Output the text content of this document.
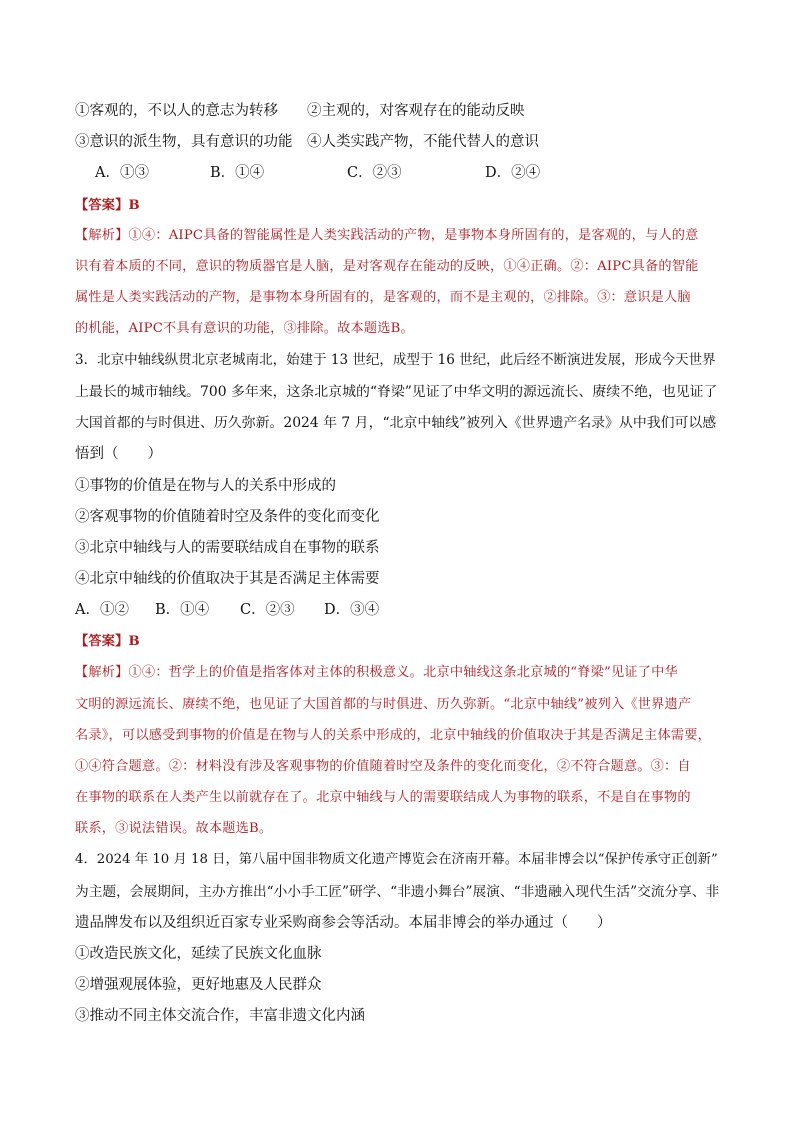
①客观的，不以人的意志为转移 ②主观的，对客观存在的能动反映
③意识的派生物，具有意识的功能 ④人类实践产物，不能代替人的意识
A．①③	B．①④	C．②③	D．②④
【答案】B
【解析】①④：AIPC具备的智能属性是人类实践活动的产物，是事物本身所固有的，是客观的，与人的意
识有着本质的不同，意识的物质器官是人脑，是对客观存在能动的反映，①④正确。②：AIPC具备的智能
属性是人类实践活动的产物，是事物本身所固有的，是客观的，而不是主观的，②排除。③：意识是人脑
的机能，AIPC不具有意识的功能，③排除。故本题选B。
3．北京中轴线纵贯北京老城南北，始建于 13 世纪，成型于 16 世纪，此后经不断演进发展，形成今天世界
上最长的城市轴线。700 多年来，这条北京城的“脊梁”见证了中华文明的源远流长、赓续不绝，也见证了
大国首都的与时俱进、历久弥新。2024 年 7 月，“北京中轴线”被列入《世界遗产名录》从中我们可以感
悟到（　　）
①事物的价值是在物与人的关系中形成的
②客观事物的价值随着时空及条件的变化而变化
③北京中轴线与人的需要联结成自在事物的联系
④北京中轴线的价值取决于其是否满足主体需要
A．①② B．①④ C．②③ D．③④
【答案】B
【解析】①④：哲学上的价值是指客体对主体的积极意义。北京中轴线这条北京城的“脊梁”见证了中华
文明的源远流长、赓续不绝，也见证了大国首都的与时俱进、历久弥新。“北京中轴线”被列入《世界遗产
名录》，可以感受到事物的价值是在物与人的关系中形成的，北京中轴线的价值取决于其是否满足主体需要，
①④符合题意。②：材料没有涉及客观事物的价值随着时空及条件的变化而变化，②不符合题意。③：自
在事物的联系在人类产生以前就存在了。北京中轴线与人的需要联结成人为事物的联系，不是自在事物的
联系，③说法错误。故本题选B。
4．2024 年 10 月 18 日，第八届中国非物质文化遗产博览会在济南开幕。本届非博会以“保护传承守正创新”
为主题，会展期间，主办方推出“小小手工匠”研学、“非遗小舞台”展演、“非遗融入现代生活”交流分享、非
遗品牌发布以及组织近百家专业采购商参会等活动。本届非博会的举办通过（　　）
①改造民族文化，延续了民族文化血脉
②增强观展体验，更好地惠及人民群众
③推动不同主体交流合作，丰富非遗文化内涵
